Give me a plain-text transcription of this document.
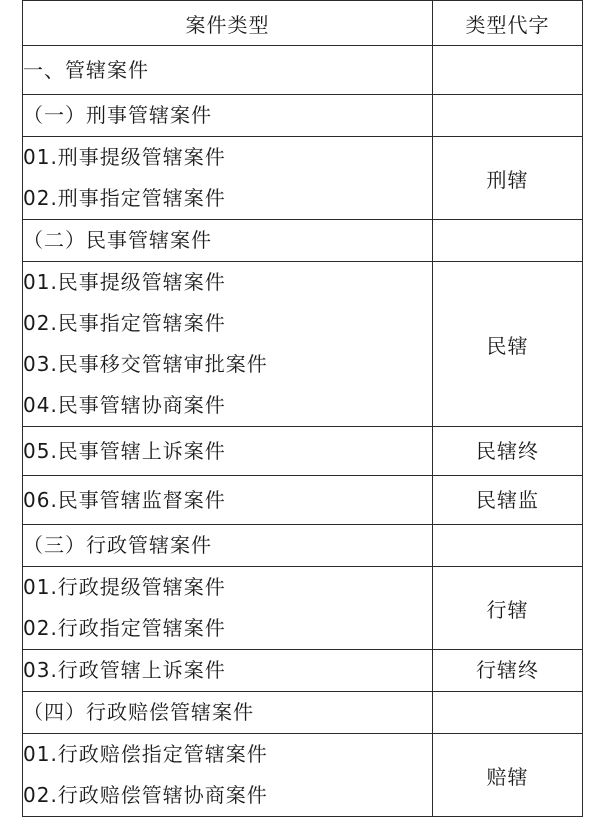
案件类型	类型代字
一、管辖案件	
（一）刑事管辖案件	

01.刑事提级管辖案件
02.刑事指定管辖案件	刑辖
（二）民事管辖案件	

01.民事提级管辖案件
02.民事指定管辖案件
03.民事移交管辖审批案件
04.民事管辖协商案件	民辖
05.民事管辖上诉案件	民辖终
06.民事管辖监督案件	民辖监
（三）行政管辖案件	

01.行政提级管辖案件
02.行政指定管辖案件	行辖
03.行政管辖上诉案件	行辖终
（四）行政赔偿管辖案件	

01.行政赔偿指定管辖案件
02.行政赔偿管辖协商案件	赔辖
